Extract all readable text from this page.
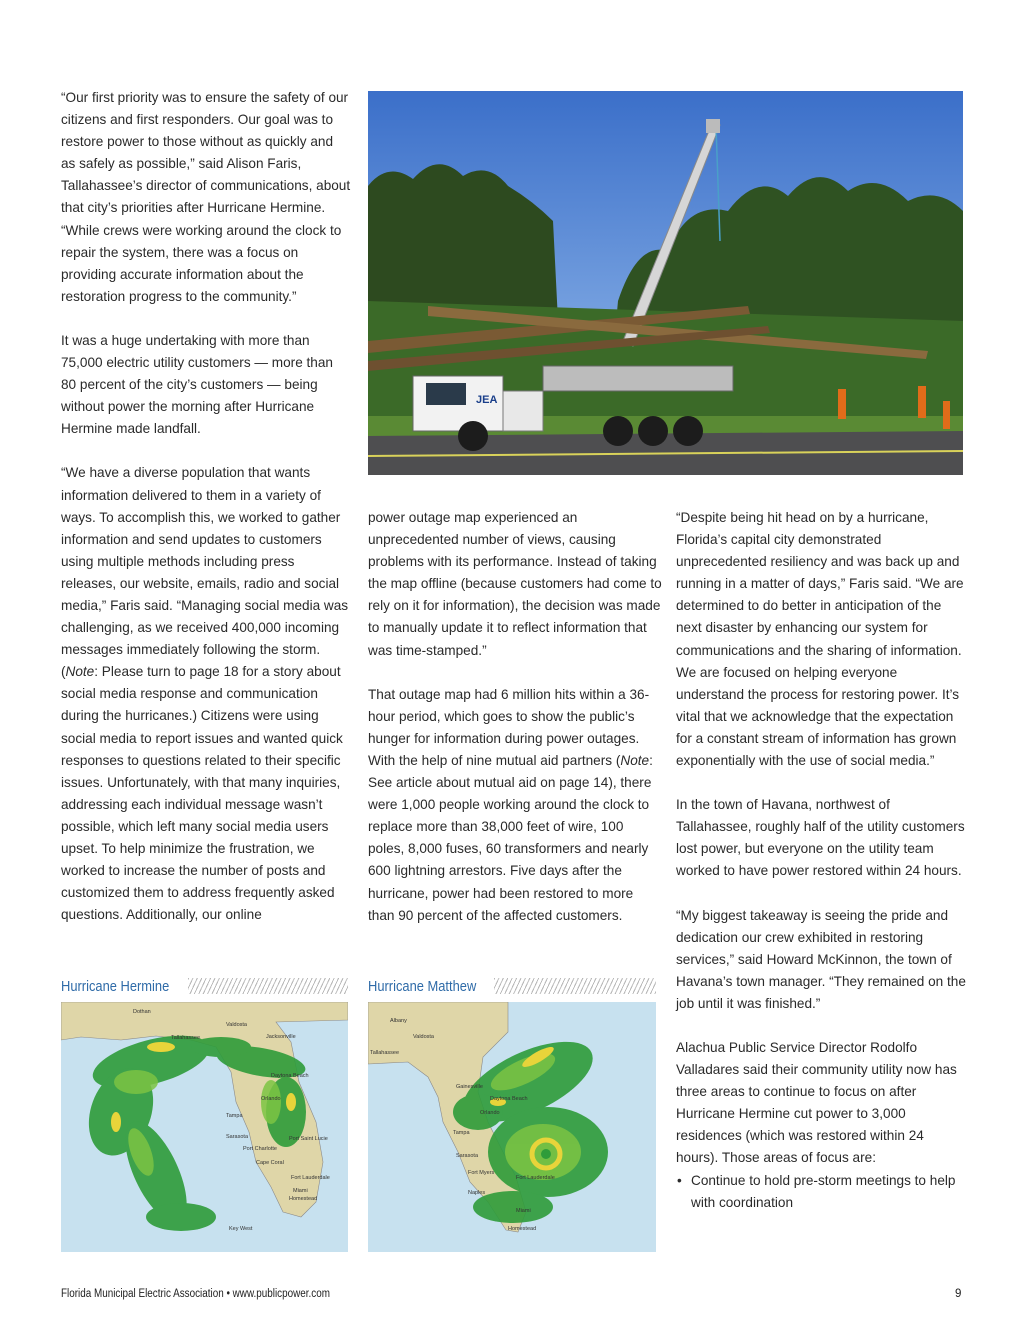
“Our first priority was to ensure the safety of our citizens and first responders. Our goal was to restore power to those without as quickly and as safely as possible,” said Alison Faris, Tallahassee’s director of communications, about that city’s priorities after Hurricane Hermine. “While crews were working around the clock to repair the system, there was a focus on providing accurate information about the restoration progress to the community.”

It was a huge undertaking with more than 75,000 electric utility customers — more than 80 percent of the city’s customers — being without power the morning after Hurricane Hermine made landfall.

“We have a diverse population that wants information delivered to them in a variety of ways. To accomplish this, we worked to gather information and send updates to customers using multiple methods including press releases, our website, emails, radio and social media,” Faris said. “Managing social media was challenging, as we received 400,000 incoming messages immediately following the storm. (Note: Please turn to page 18 for a story about social media response and communication during the hurricanes.) Citizens were using social media to report issues and wanted quick responses to questions related to their specific issues. Unfortunately, with that many inquiries, addressing each individual message wasn’t possible, which left many social media users upset. To help minimize the frustration, we worked to increase the number of posts and customized them to address frequently asked questions. Additionally, our online

JEA

power outage map experienced an unprecedented number of views, causing problems with its performance. Instead of taking the map offline (because customers had come to rely on it for information), the decision was made to manually update it to reflect information that was time-stamped.”

That outage map had 6 million hits within a 36-hour period, which goes to show the public’s hunger for information during power outages. With the help of nine mutual aid partners (Note: See article about mutual aid on page 14), there were 1,000 people working around the clock to replace more than 38,000 feet of wire, 100 poles, 8,000 fuses, 60 transformers and nearly 600 lightning arrestors. Five days after the hurricane, power had been restored to more than 90 percent of the affected customers.

“Despite being hit head on by a hurricane, Florida’s capital city demonstrated unprecedented resiliency and was back up and running in a matter of days,” Faris said. “We are determined to do better in anticipation of the next disaster by enhancing our system for communications and the sharing of information. We are focused on helping everyone understand the process for restoring power. It’s vital that we acknowledge that the expectation for a constant stream of information has grown exponentially with the use of social media.”

In the town of Havana, northwest of Tallahassee, roughly half of the utility customers lost power, but everyone on the utility team worked to have power restored within 24 hours.

“My biggest takeaway is seeing the pride and dedication our crew exhibited in restoring services,” said Howard McKinnon, the town of Havana’s town manager. “They remained on the job until it was finished.”

Alachua Public Service Director Rodolfo Valladares said their community utility now has three areas to continue to focus on after Hurricane Hermine cut power to 3,000 residences (which was restored within 24 hours). Those areas of focus are:

• Continue to hold pre-storm meetings to help with coordination
Hurricane Hermine	Hurricane Matthew
Dothan
Valdosta
Tallahassee	Jacksonville
Daytona Beach
Orlando
Tampa
Sarasota
Port Charlotte
Cape Coral
Port Saint Lucie
Fort Lauderdale
Miami
Homestead
Key West
Albany
Valdosta
Tallahassee
Gainesville
Daytona Beach
Orlando
Tampa
Sarasota
Fort Myers
Naples
Fort Lauderdale
Miami
Homestead
Florida Municipal Electric Association • www.publicpower.com	9
